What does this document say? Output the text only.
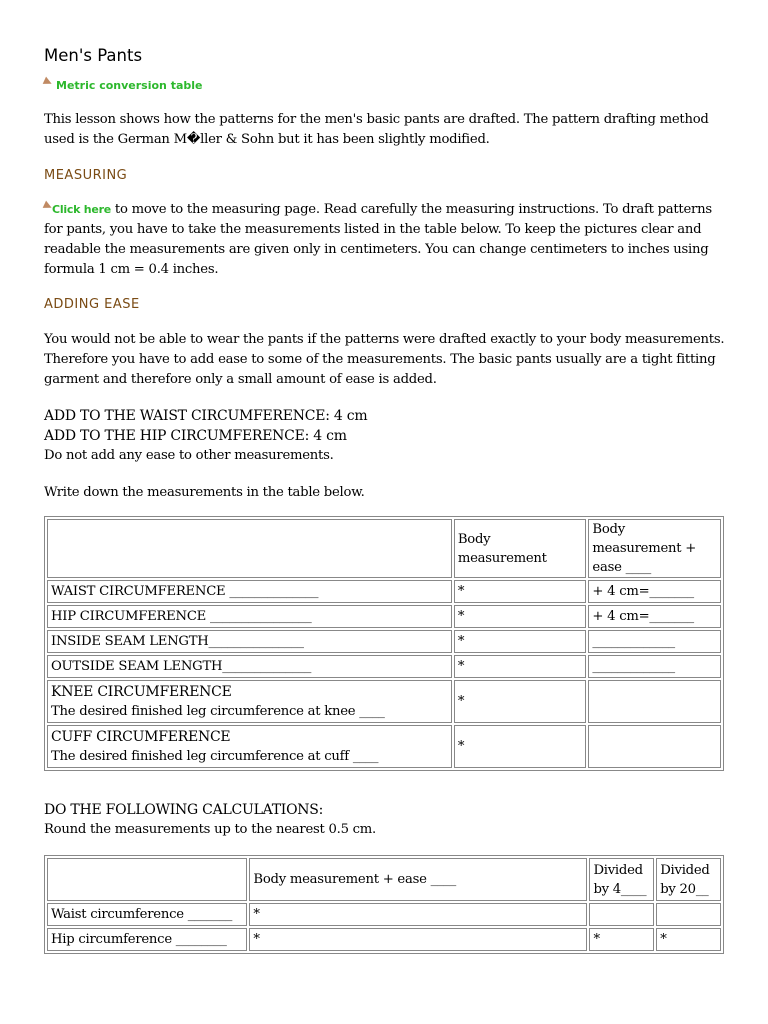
Men's Pants
Metric conversion table

This lesson shows how the patterns for the men's basic pants are drafted. The pattern drafting method used is the German M�ller & Sohn but it has been slightly modified.

MEASURING

Click here to move to the measuring page. Read carefully the measuring instructions. To draft patterns for pants, you have to take the measurements listed in the table below. To keep the pictures clear and readable the measurements are given only in centimeters. You can change centimeters to inches using formula 1 cm = 0.4 inches.

ADDING EASE

You would not be able to wear the pants if the patterns were drafted exactly to your body measurements. Therefore you have to add ease to some of the measurements. The basic pants usually are a tight fitting garment and therefore only a small amount of ease is added.

ADD TO THE WAIST CIRCUMFERENCE: 4 cm
ADD TO THE HIP CIRCUMFERENCE: 4 cm
Do not add any ease to other measurements.

Write down the measurements in the table below.

	Body measurement	Body measurement + ease ____
WAIST CIRCUMFERENCE ______________	*	+ 4 cm=_______
HIP CIRCUMFERENCE ________________	*	+ 4 cm=_______
INSIDE SEAM LENGTH_______________	*	_____________
OUTSIDE SEAM LENGTH______________	*	_____________

KNEE CIRCUMFERENCE
The desired finished leg circumference at knee ____	*	

CUFF CIRCUMFERENCE
The desired finished leg circumference at cuff ____	*	
DO THE FOLLOWING CALCULATIONS:
Round the measurements up to the nearest 0.5 cm.
	Body measurement + ease ____	Divided by 4____	Divided by 20__
Waist circumference _______	*		
Hip circumference ________	*	*	*
